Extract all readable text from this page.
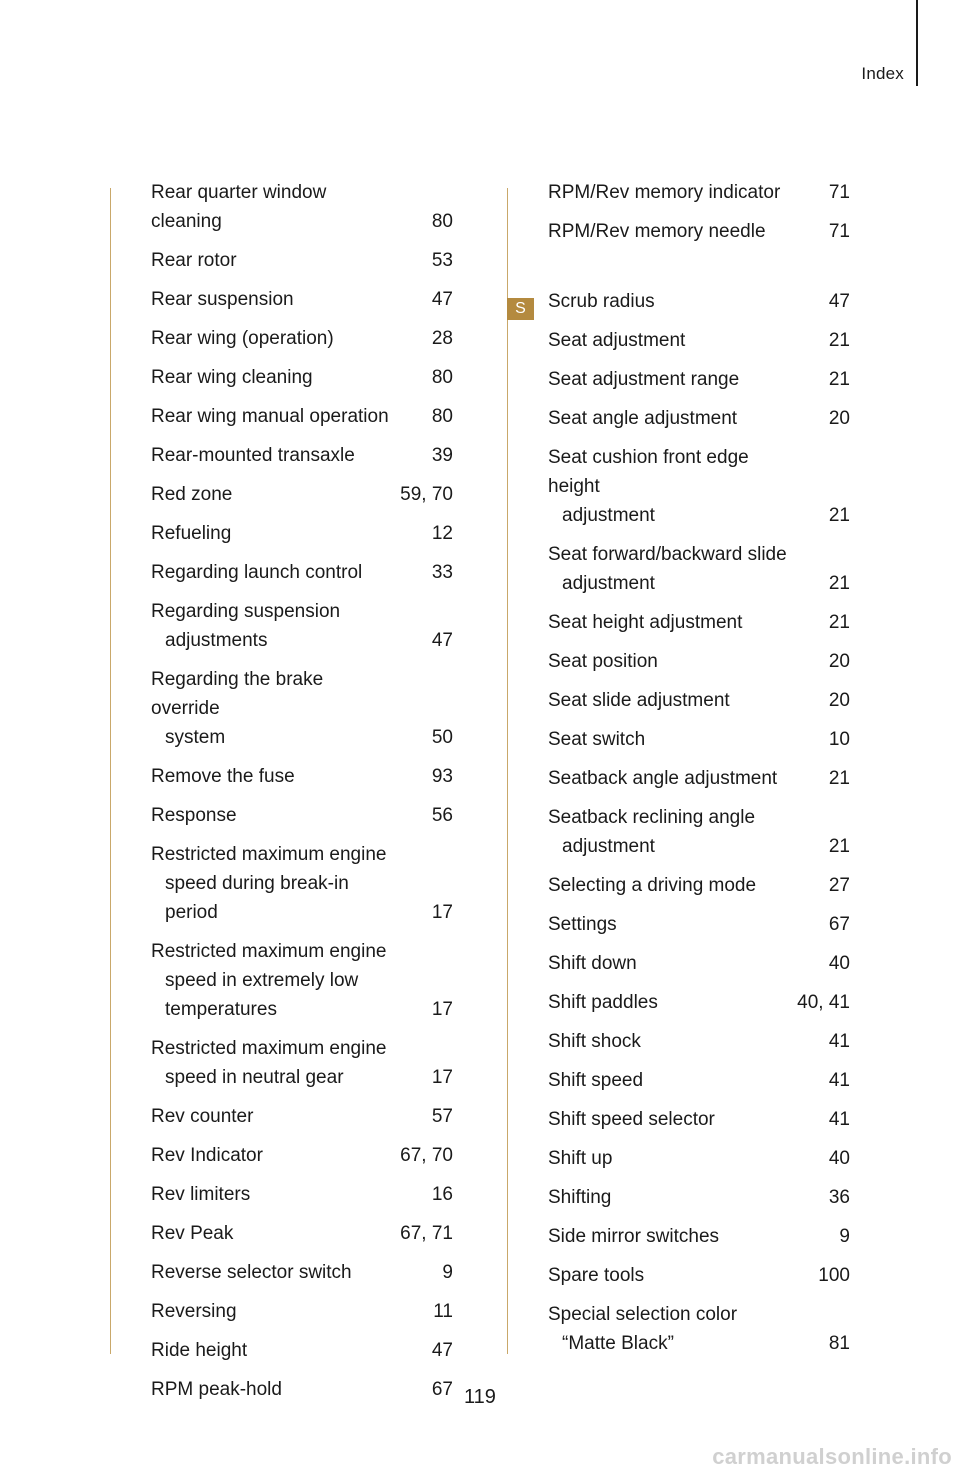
Index
Rear quarter window cleaning	80
Rear rotor	53
Rear suspension	47
Rear wing (operation)	28
Rear wing cleaning	80
Rear wing manual operation	80
Rear-mounted transaxle	39
Red zone	59, 70
Refueling	12
Regarding launch control	33
Regarding suspension
adjustments	47
Regarding the brake override
system	50
Remove the fuse	93
Response	56
Restricted maximum engine
speed during break-in period	17
Restricted maximum engine
speed in extremely low
temperatures	17
Restricted maximum engine
speed in neutral gear	17
Rev counter	57
Rev Indicator	67, 70
Rev limiters	16
Rev Peak	67, 71
Reverse selector switch	9
Reversing	11
Ride height	47
RPM peak-hold	67
RPM/Rev memory indicator	71
RPM/Rev memory needle	71
Scrub radius	47
Seat adjustment	21
Seat adjustment range	21
Seat angle adjustment	20
Seat cushion front edge height
adjustment	21
Seat forward/backward slide
adjustment	21
Seat height adjustment	21
Seat position	20
Seat slide adjustment	20
Seat switch	10
Seatback angle adjustment	21
Seatback reclining angle
adjustment	21
Selecting a driving mode	27
Settings	67
Shift down	40
Shift paddles	40, 41
Shift shock	41
Shift speed	41
Shift speed selector	41
Shift up	40
Shifting	36
Side mirror switches	9
Spare tools	100
Special selection color
“Matte Black”	81
S
119
carmanualsonline.info
